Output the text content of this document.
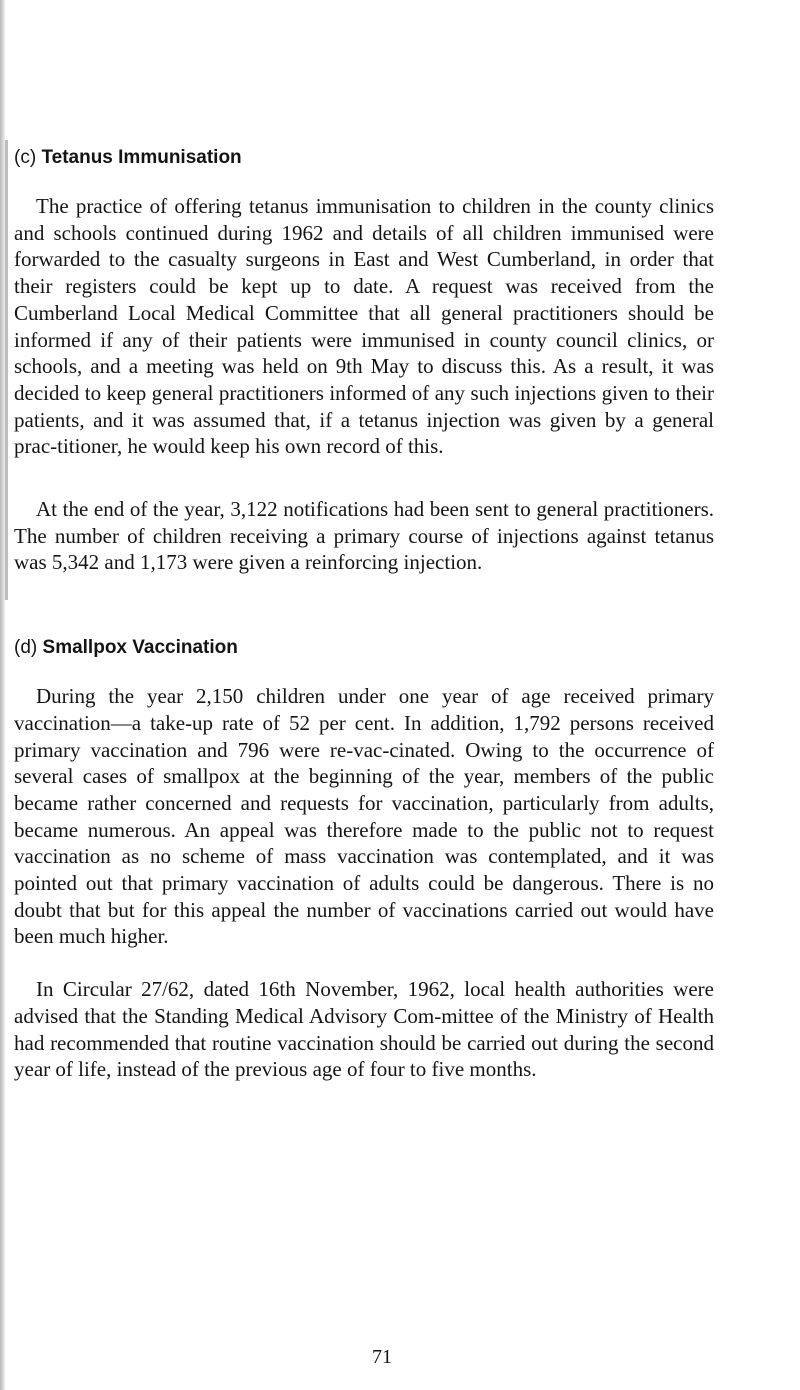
(c) Tetanus Immunisation

The practice of offering tetanus immunisation to children in the county clinics and schools continued during 1962 and details of all children immunised were forwarded to the casualty surgeons in East and West Cumberland, in order that their registers could be kept up to date. A request was received from the Cumberland Local Medical Committee that all general practitioners should be informed if any of their patients were immunised in county council clinics, or schools, and a meeting was held on 9th May to discuss this. As a result, it was decided to keep general practitioners informed of any such injections given to their patients, and it was assumed that, if a tetanus injection was given by a general prac-titioner, he would keep his own record of this.

At the end of the year, 3,122 notifications had been sent to general practitioners. The number of children receiving a primary course of injections against tetanus was 5,342 and 1,173 were given a reinforcing injection.

(d) Smallpox Vaccination

During the year 2,150 children under one year of age received primary vaccination—a take-up rate of 52 per cent. In addition, 1,792 persons received primary vaccination and 796 were re-vac-cinated. Owing to the occurrence of several cases of smallpox at the beginning of the year, members of the public became rather concerned and requests for vaccination, particularly from adults, became numerous. An appeal was therefore made to the public not to request vaccination as no scheme of mass vaccination was contemplated, and it was pointed out that primary vaccination of adults could be dangerous. There is no doubt that but for this appeal the number of vaccinations carried out would have been much higher.

In Circular 27/62, dated 16th November, 1962, local health authorities were advised that the Standing Medical Advisory Com-mittee of the Ministry of Health had recommended that routine vaccination should be carried out during the second year of life, instead of the previous age of four to five months.

71
